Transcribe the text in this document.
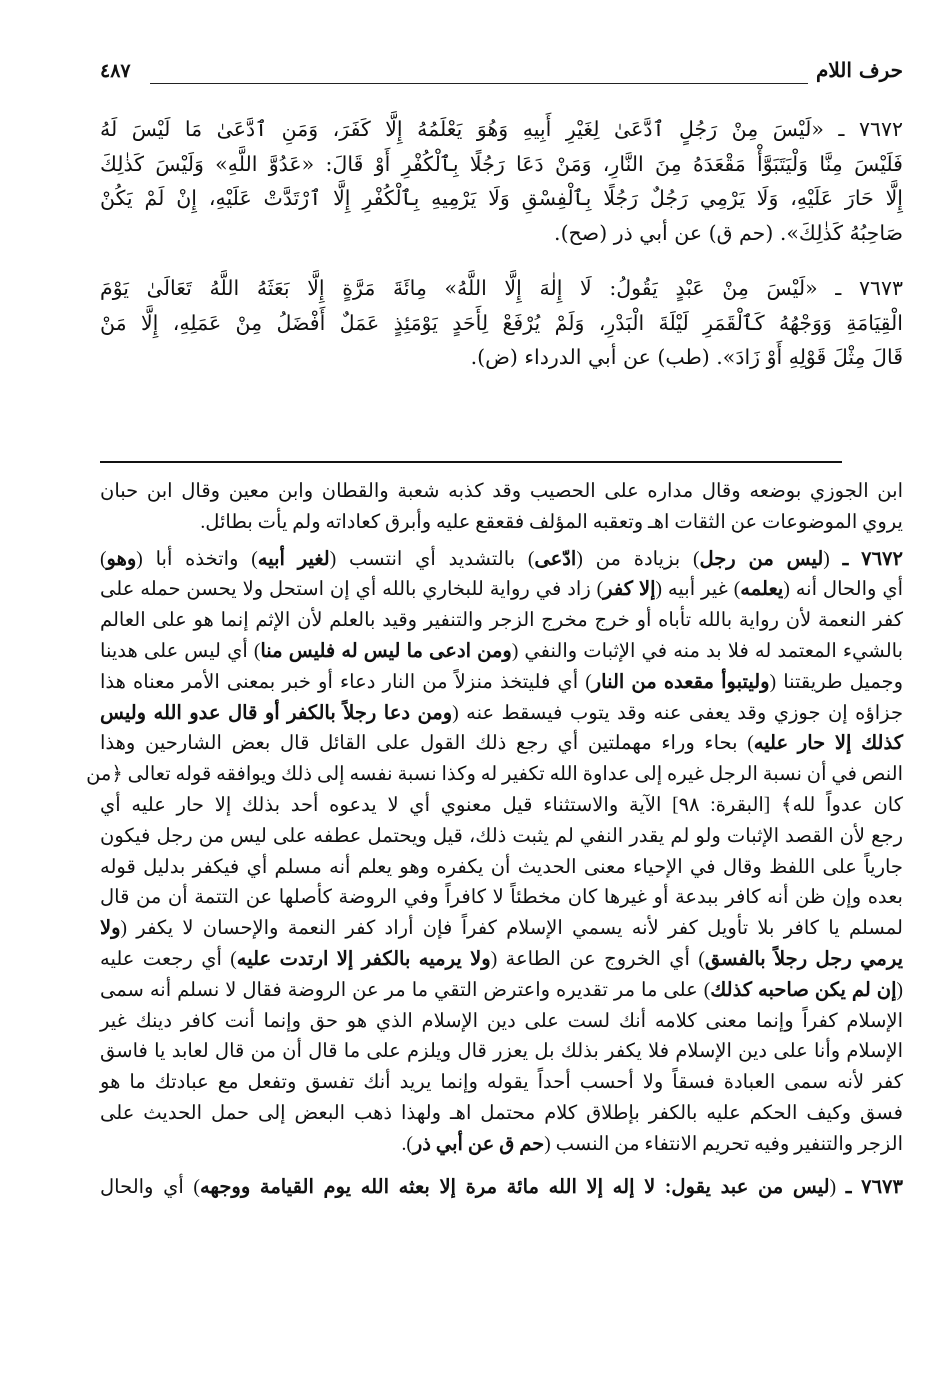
حرف اللام
٤٨٧
٧٦٧٢ ـ «لَيْسَ مِنْ رَجُلٍ ٱدَّعَىٰ لِغَيْرِ أَبِيهِ وَهُوَ يَعْلَمُهُ إِلَّا كَفَرَ، وَمَنِ ٱدَّعَىٰ مَا لَيْسَ لَهُ
فَلَيْسَ مِنَّا وَلْيَتَبَوَّأْ مَقْعَدَهُ مِنَ النَّارِ، وَمَنْ دَعَا رَجُلًا بِٱلْكُفْرِ أَوْ قَالَ: «عَدُوَّ اللَّهِ» وَلَيْسَ كَذٰلِكَ
إِلَّا حَارَ عَلَيْهِ، وَلَا يَرْمِي رَجُلٌ رَجُلًا بِٱلْفِسْقِ وَلَا يَرْمِيهِ بِٱلْكُفْرِ إِلَّا ٱرْتَدَّتْ عَلَيْهِ، إِنْ لَمْ يَكُنْ
صَاحِبُهُ كَذٰلِكَ». (حم ق) عن أبي ذر (صح).
٧٦٧٣ ـ «لَيْسَ مِنْ عَبْدٍ يَقُولُ: لَا إِلٰهَ إِلَّا اللَّهُ» مِائَةَ مَرَّةٍ إِلَّا بَعَثَهُ اللَّهُ تَعَالَىٰ يَوْمَ
الْقِيَامَةِ وَوَجْهُهُ كَٱلْقَمَرِ لَيْلَةَ الْبَدْرِ، وَلَمْ يُرْفَعْ لِأَحَدٍ يَوْمَئِذٍ عَمَلٌ أَفْضَلُ مِنْ عَمَلِهِ، إِلَّا مَنْ
قَالَ مِثْلَ قَوْلِهِ أَوْ زَادَ». (طب) عن أبي الدرداء (ض).
ابن الجوزي بوضعه وقال مداره على الحصيب وقد كذبه شعبة والقطان وابن معين وقال ابن حبان
يروي الموضوعات عن الثقات اهـ وتعقبه المؤلف فقعقع عليه وأبرق كعاداته ولم يأت بطائل.
٧٦٧٢ ـ (ليس من رجل) بزيادة من (ادّعى) بالتشديد أي انتسب (لغير أبيه) واتخذه أبا (وهو)
أي والحال أنه (يعلمه) غير أبيه (إلا كفر) زاد في رواية للبخاري بالله أي إن استحل ولا يحسن حمله على
كفر النعمة لأن رواية بالله تأباه أو خرج مخرج الزجر والتنفير وقيد بالعلم لأن الإثم إنما هو على العالم
بالشيء المعتمد له فلا بد منه في الإثبات والنفي (ومن ادعى ما ليس له فليس منا) أي ليس على هدينا
وجميل طريقتنا (وليتبوأ مقعده من النار) أي فليتخذ منزلاً من النار دعاء أو خبر بمعنى الأمر معناه هذا
جزاؤه إن جوزي وقد يعفى عنه وقد يتوب فيسقط عنه (ومن دعا رجلاً بالكفر أو قال عدو الله وليس
كذلك إلا حار عليه) بحاء وراء مهملتين أي رجع ذلك القول على القائل قال بعض الشارحين وهذا
النص في أن نسبة الرجل غيره إلى عداوة الله تكفير له وكذا نسبة نفسه إلى ذلك ويوافقه قوله تعالى ﴿من
كان عدواً لله﴾ [البقرة: ٩٨] الآية والاستثناء قيل معنوي أي لا يدعوه أحد بذلك إلا حار عليه أي
رجع لأن القصد الإثبات ولو لم يقدر النفي لم يثبت ذلك، قيل ويحتمل عطفه على ليس من رجل فيكون
جارياً على اللفظ وقال في الإحياء معنى الحديث أن يكفره وهو يعلم أنه مسلم أي فيكفر بدليل قوله
بعده وإن ظن أنه كافر ببدعة أو غيرها كان مخطئاً لا كافراً وفي الروضة كأصلها عن التتمة أن من قال
لمسلم يا كافر بلا تأويل كفر لأنه يسمي الإسلام كفراً فإن أراد كفر النعمة والإحسان لا يكفر (ولا
يرمي رجل رجلاً بالفسق) أي الخروج عن الطاعة (ولا يرميه بالكفر إلا ارتدت عليه) أي رجعت عليه
(إن لم يكن صاحبه كذلك) على ما مر تقديره واعترض التقي ما مر عن الروضة فقال لا نسلم أنه سمى
الإسلام كفراً وإنما معنى كلامه أنك لست على دين الإسلام الذي هو حق وإنما أنت كافر دينك غير
الإسلام وأنا على دين الإسلام فلا يكفر بذلك بل يعزر قال ويلزم على ما قال أن من قال لعابد يا فاسق
كفر لأنه سمى العبادة فسقاً ولا أحسب أحداً يقوله وإنما يريد أنك تفسق وتفعل مع عبادتك ما هو
فسق وكيف الحكم عليه بالكفر بإطلاق كلام محتمل اهـ ولهذا ذهب البعض إلى حمل الحديث على
الزجر والتنفير وفيه تحريم الانتفاء من النسب (حم ق عن أبي ذر).
٧٦٧٣ ـ (ليس من عبد يقول: لا إله إلا الله مائة مرة إلا بعثه الله يوم القيامة ووجهه) أي والحال
